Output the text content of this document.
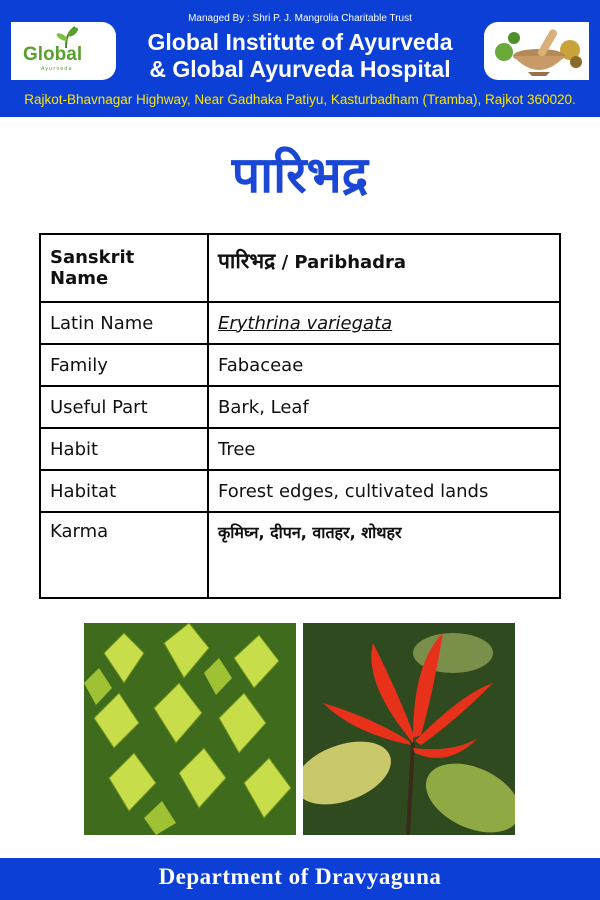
Managed By : Shri P. J. Mangrolia Charitable Trust
Global
Ayurveda
Global Institute of Ayurveda
& Global Ayurveda Hospital
Rajkot-Bhavnagar Highway, Near Gadhaka Patiyu, Kasturbadham (Tramba), Rajkot 360020.
पारिभद्र
Sanskrit Name	पारिभद्र / Paribhadra
Latin Name	Erythrina variegata
Family	Fabaceae
Useful Part	Bark, Leaf
Habit	Tree
Habitat	Forest edges, cultivated lands
Karma	कृमिघ्न, दीपन, वातहर, शोथहर
Department of Dravyaguna
